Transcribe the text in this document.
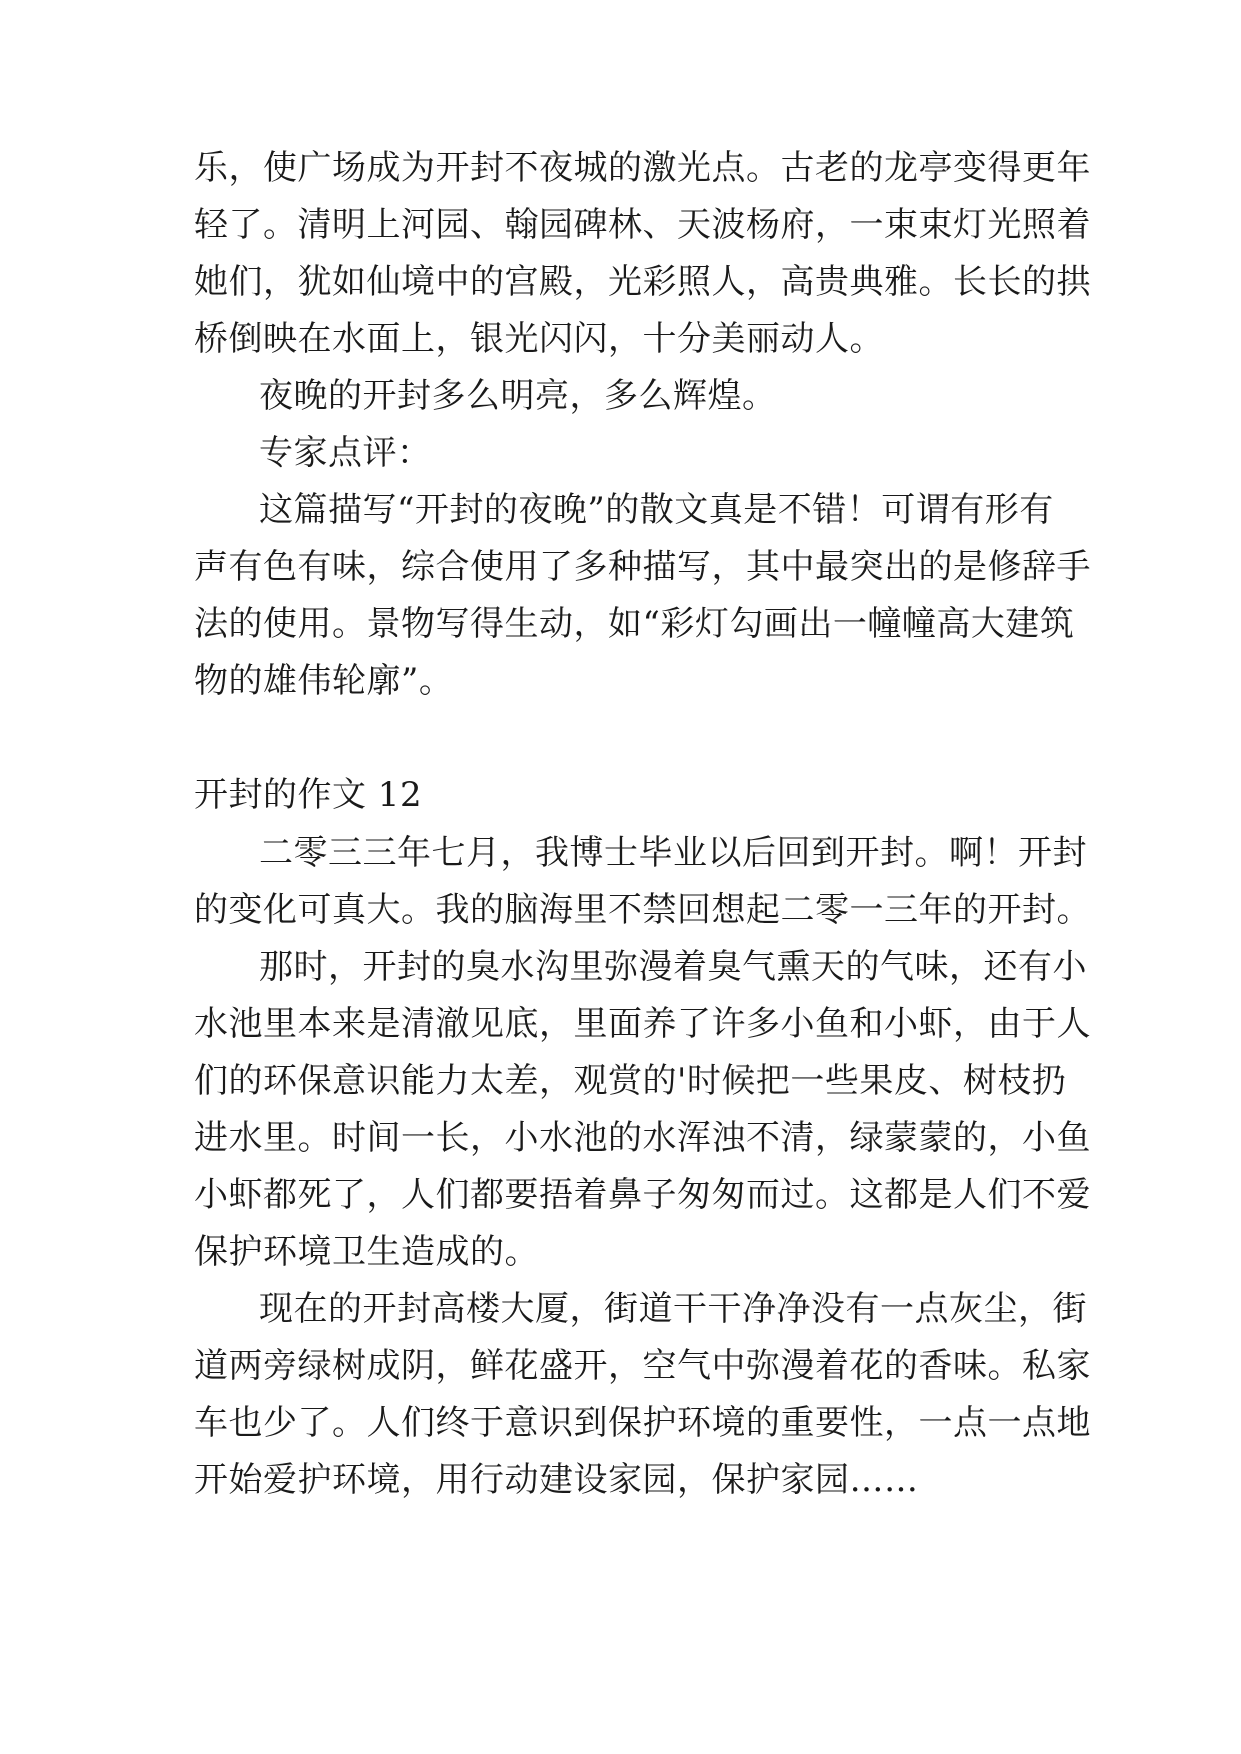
乐，使广场成为开封不夜城的激光点。古老的龙亭变得更年

轻了。清明上河园、翰园碑林、天波杨府，一束束灯光照着

她们，犹如仙境中的宫殿，光彩照人，高贵典雅。长长的拱

桥倒映在水面上，银光闪闪，十分美丽动人。

夜晚的开封多么明亮，多么辉煌。

专家点评：

这篇描写“开封的夜晚”的散文真是不错！可谓有形有

声有色有味，综合使用了多种描写，其中最突出的是修辞手

法的使用。景物写得生动，如“彩灯勾画出一幢幢高大建筑

物的雄伟轮廓”。

开封的作文 12

二零三三年七月，我博士毕业以后回到开封。啊！开封

的变化可真大。我的脑海里不禁回想起二零一三年的开封。

那时，开封的臭水沟里弥漫着臭气熏天的气味，还有小

水池里本来是清澈见底，里面养了许多小鱼和小虾，由于人

们的环保意识能力太差，观赏的'时候把一些果皮、树枝扔

进水里。时间一长，小水池的水浑浊不清，绿蒙蒙的，小鱼

小虾都死了，人们都要捂着鼻子匆匆而过。这都是人们不爱

保护环境卫生造成的。

现在的开封高楼大厦，街道干干净净没有一点灰尘，街

道两旁绿树成阴，鲜花盛开，空气中弥漫着花的香味。私家

车也少了。人们终于意识到保护环境的重要性，一点一点地

开始爱护环境，用行动建设家园，保护家园……
